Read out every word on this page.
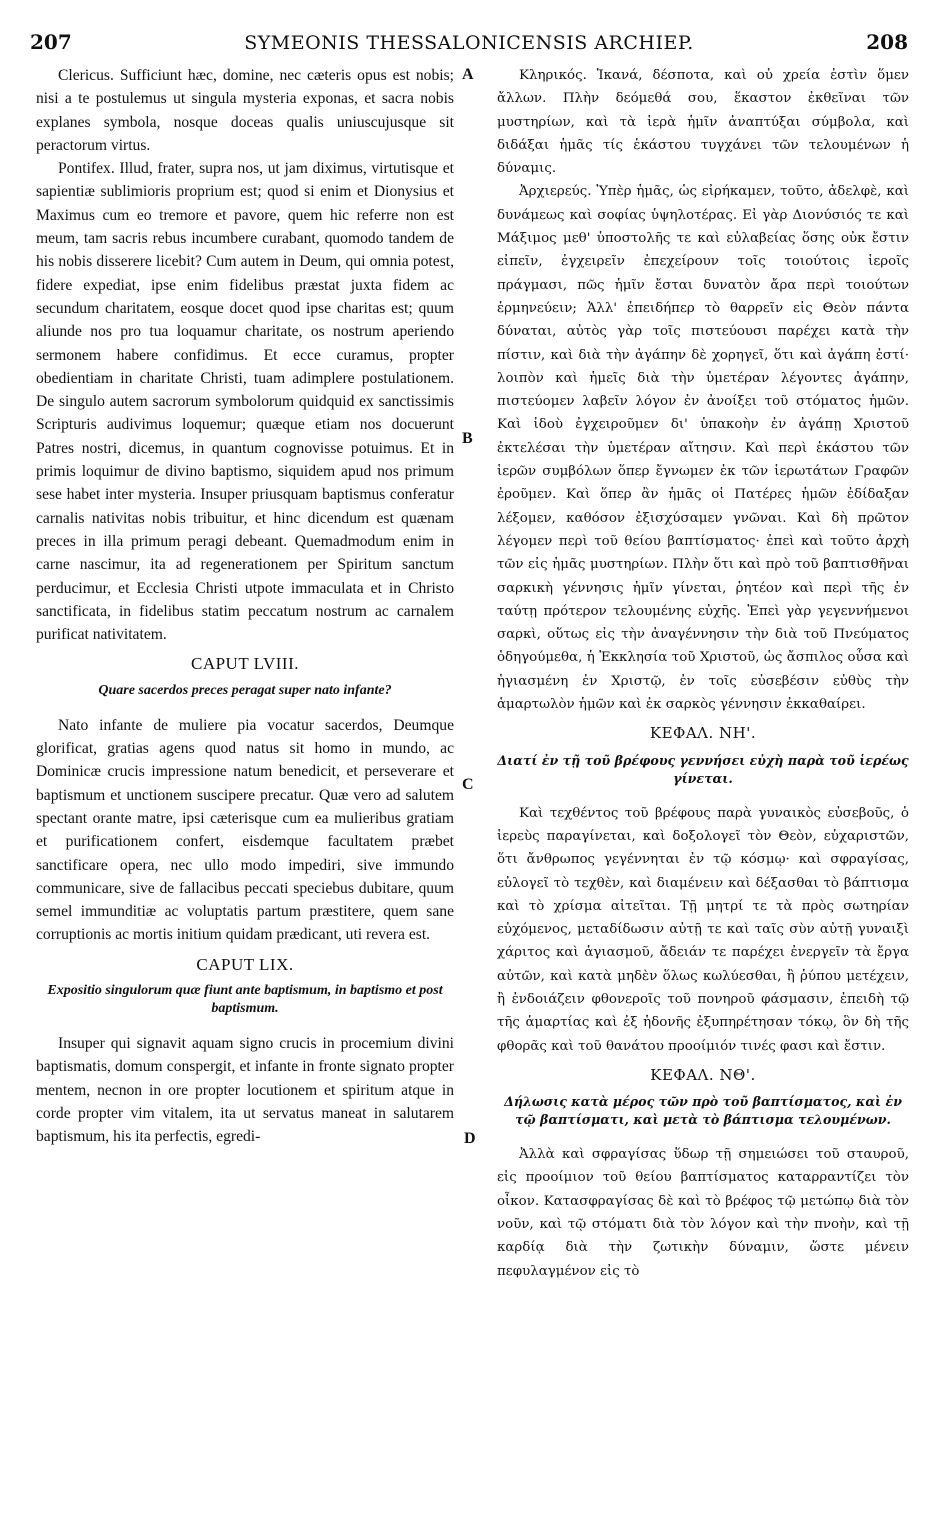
207	SYMEONIS THESSALONICENSIS ARCHIEP.	208
A
B
C
D

Clericus. Sufficiunt hæc, domine, nec cæteris opus est nobis; nisi a te postulemus ut singula mysteria exponas, et sacra nobis explanes symbola, nosque doceas qualis uniuscujusque sit peractorum virtus.

Pontifex. Illud, frater, supra nos, ut jam diximus, virtutisque et sapientiæ sublimioris proprium est; quod si enim et Dionysius et Maximus cum eo tremore et pavore, quem hic referre non est meum, tam sacris rebus incumbere curabant, quomodo tandem de his nobis disserere licebit? Cum autem in Deum, qui omnia potest, fidere expediat, ipse enim fidelibus præstat juxta fidem ac secundum charitatem, eosque docet quod ipse charitas est; quum aliunde nos pro tua loquamur charitate, os nostrum aperiendo sermonem habere confidimus. Et ecce curamus, propter obedientiam in charitate Christi, tuam adimplere postulationem. De singulo autem sacrorum symbolorum quidquid ex sanctissimis Scripturis audivimus loquemur; quæque etiam nos docuerunt Patres nostri, dicemus, in quantum cognovisse potuimus. Et in primis loquimur de divino baptismo, siquidem apud nos primum sese habet inter mysteria. Insuper priusquam baptismus conferatur carnalis nativitas nobis tribuitur, et hinc dicendum est quænam preces in illa primum peragi debeant. Quemadmodum enim in carne nascimur, ita ad regenerationem per Spiritum sanctum perducimur, et Ecclesia Christi utpote immaculata et in Christo sanctificata, in fidelibus statim peccatum nostrum ac carnalem purificat nativitatem.

CAPUT LVIII.
Quare sacerdos preces peragat super nato infante?

Nato infante de muliere pia vocatur sacerdos, Deumque glorificat, gratias agens quod natus sit homo in mundo, ac Dominicæ crucis impressione natum benedicit, et perseverare et baptismum et unctionem suscipere precatur. Quæ vero ad salutem spectant orante matre, ipsi cæterisque cum ea mulieribus gratiam et purificationem confert, eisdemque facultatem præbet sanctificare opera, nec ullo modo impediri, sive immundo communicare, sive de fallacibus peccati speciebus dubitare, quum semel immunditiæ ac voluptatis partum præstitere, quem sane corruptionis ac mortis initium quidam prædicant, uti revera est.

CAPUT LIX.
Expositio singulorum quæ fiunt ante baptismum, in baptismo et post baptismum.

Insuper qui signavit aquam signo crucis in procemium divini baptismatis, domum conspergit, et infante in fronte signato propter mentem, necnon in ore propter locutionem et spiritum atque in corde propter vim vitalem, ita ut servatus maneat in salutarem baptismum, his ita perfectis, egredi-

Κληρικός. Ἱκανά, δέσποτα, καὶ οὐ χρεία ἐστὶν ὅμεν ἄλλων. Πλὴν δεόμεθά σου, ἕκαστον ἐκθεῖναι τῶν μυστηρίων, καὶ τὰ ἱερὰ ἡμῖν ἀναπτύξαι σύμβολα, καὶ διδάξαι ἡμᾶς τίς ἑκάστου τυγχάνει τῶν τελουμένων ἡ δύναμις.

Ἀρχιερεύς. Ὑπὲρ ἡμᾶς, ὡς εἰρήκαμεν, τοῦτο, ἀδελφὲ, καὶ δυνάμεως καὶ σοφίας ὑψηλοτέρας. Εἰ γὰρ Διονύσιός τε καὶ Μάξιμος μεθ' ὑποστολῆς τε καὶ εὐλαβείας ὅσης οὐκ ἔστιν εἰπεῖν, ἐγχειρεῖν ἐπεχείρουν τοῖς τοιούτοις ἱεροῖς πράγμασι, πῶς ἡμῖν ἔσται δυνατὸν ἄρα περὶ τοιούτων ἑρμηνεύειν; Ἀλλ' ἐπειδήπερ τὸ θαρρεῖν εἰς Θεὸν πάντα δύναται, αὐτὸς γὰρ τοῖς πιστεύουσι παρέχει κατὰ τὴν πίστιν, καὶ διὰ τὴν ἀγάπην δὲ χορηγεῖ, ὅτι καὶ ἀγάπη ἐστί· λοιπὸν καὶ ἡμεῖς διὰ τὴν ὑμετέραν λέγοντες ἀγάπην, πιστεύομεν λαβεῖν λόγον ἐν ἀνοίξει τοῦ στόματος ἡμῶν. Καὶ ἰδοὺ ἐγχειροῦμεν δι' ὑπακοὴν ἐν ἀγάπῃ Χριστοῦ ἐκτελέσαι τὴν ὑμετέραν αἴτησιν. Καὶ περὶ ἑκάστου τῶν ἱερῶν συμβόλων ὅπερ ἔγνωμεν ἐκ τῶν ἱερωτάτων Γραφῶν ἐροῦμεν. Καὶ ὅπερ ἂν ἡμᾶς οἱ Πατέρες ἡμῶν ἐδίδαξαν λέξομεν, καθόσον ἐξισχύσαμεν γνῶναι. Καὶ δὴ πρῶτον λέγομεν περὶ τοῦ θείου βαπτίσματος· ἐπεὶ καὶ τοῦτο ἀρχὴ τῶν εἰς ἡμᾶς μυστηρίων. Πλὴν ὅτι καὶ πρὸ τοῦ βαπτισθῆναι σαρκικὴ γέννησις ἡμῖν γίνεται, ῥητέον καὶ περὶ τῆς ἐν ταύτῃ πρότερον τελουμένης εὐχῆς. Ἐπεὶ γὰρ γεγεννήμενοι σαρκὶ, οὕτως εἰς τὴν ἀναγέννησιν τὴν διὰ τοῦ Πνεύματος ὁδηγούμεθα, ἡ Ἐκκλησία τοῦ Χριστοῦ, ὡς ἄσπιλος οὖσα καὶ ἡγιασμένη ἐν Χριστῷ, ἐν τοῖς εὐσεβέσιν εὐθὺς τὴν ἁμαρτωλὸν ἡμῶν καὶ ἐκ σαρκὸς γέννησιν ἐκκαθαίρει.

ΚΕΦΑΛ. ΝΗ'.
Διατί ἐν τῇ τοῦ βρέφους γεννήσει εὐχὴ παρὰ τοῦ ἱερέως γίνεται.

Καὶ τεχθέντος τοῦ βρέφους παρὰ γυναικὸς εὐσεβοῦς, ὁ ἱερεὺς παραγίνεται, καὶ δοξολογεῖ τὸν Θεὸν, εὐχαριστῶν, ὅτι ἄνθρωπος γεγέννηται ἐν τῷ κόσμῳ· καὶ σφραγίσας, εὐλογεῖ τὸ τεχθὲν, καὶ διαμένειν καὶ δέξασθαι τὸ βάπτισμα καὶ τὸ χρίσμα αἰτεῖται. Τῇ μητρί τε τὰ πρὸς σωτηρίαν εὐχόμενος, μεταδίδωσιν αὐτῇ τε καὶ ταῖς σὺν αὐτῇ γυναιξὶ χάριτος καὶ ἁγιασμοῦ, ἄδειάν τε παρέχει ἐνεργεῖν τὰ ἔργα αὐτῶν, καὶ κατὰ μηδὲν ὅλως κωλύεσθαι, ἢ ῥύπου μετέχειν, ἢ ἐνδοιάζειν φθονεροῖς τοῦ πονηροῦ φάσμασιν, ἐπειδὴ τῷ τῆς ἁμαρτίας καὶ ἐξ ἡδονῆς ἐξυπηρέτησαν τόκῳ, ὃν δὴ τῆς φθορᾶς καὶ τοῦ θανάτου προοίμιόν τινές φασι καὶ ἔστιν.

ΚΕΦΑΛ. ΝΘ'.
Δήλωσις κατὰ μέρος τῶν πρὸ τοῦ βαπτίσματος, καὶ ἐν τῷ βαπτίσματι, καὶ μετὰ τὸ βάπτισμα τελουμένων.

Ἀλλὰ καὶ σφραγίσας ὕδωρ τῇ σημειώσει τοῦ σταυροῦ, εἰς προοίμιον τοῦ θείου βαπτίσματος καταρραντίζει τὸν οἶκον. Κατασφραγίσας δὲ καὶ τὸ βρέφος τῷ μετώπῳ διὰ τὸν νοῦν, καὶ τῷ στόματι διὰ τὸν λόγον καὶ τὴν πνοὴν, καὶ τῇ καρδίᾳ διὰ τὴν ζωτικὴν δύναμιν, ὥστε μένειν πεφυλαγμένον εἰς τὸ
